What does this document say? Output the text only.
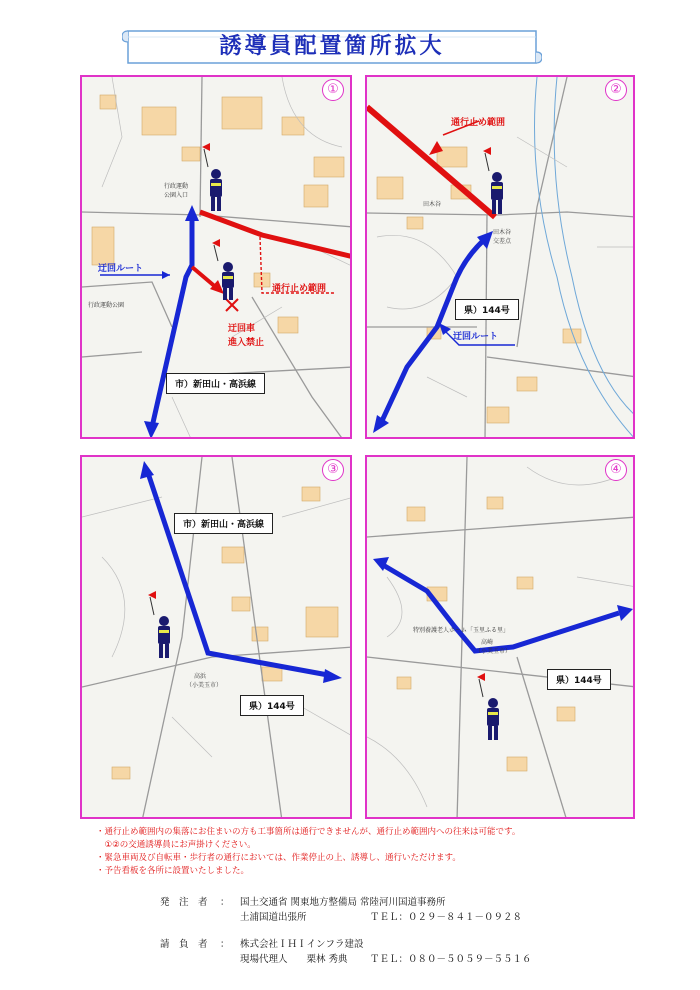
誘導員配置箇所拡大
①
通行止め範囲
迂回ルート
迂回車
進入禁止
市）新田山・高浜線
行政運動
公園入口
行政運動公園
②
通行止め範囲
迂回ルート
県）144号
田木谷
田木谷
交差点
③
市）新田山・高浜線
県）144号
高浜
（小美玉市）
④
県）144号
特別養護老人ホーム「玉里ふる里」
高崎
（小美玉市）
・通行止め範囲内の集落にお住まいの方も工事箇所は通行できませんが、通行止め範囲内への往来は可能です。
　①②の交通誘導員にお声掛けください。
・緊急車両及び自転車・歩行者の通行においては、作業停止の上、誘導し、通行いただけます。
・予告看板を各所に設置いたしました。
発　注　者 ： 国土交通省 関東地方整備局 常陸河川国道事務所
土浦国道出張所	ＴＥＬ：０２９－８４１－０９２８
請　負　者 ： 株式会社ＩＨＩインフラ建設
現場代理人　　栗林 秀典 ＴＥＬ：０８０－５０５９－５５１６
